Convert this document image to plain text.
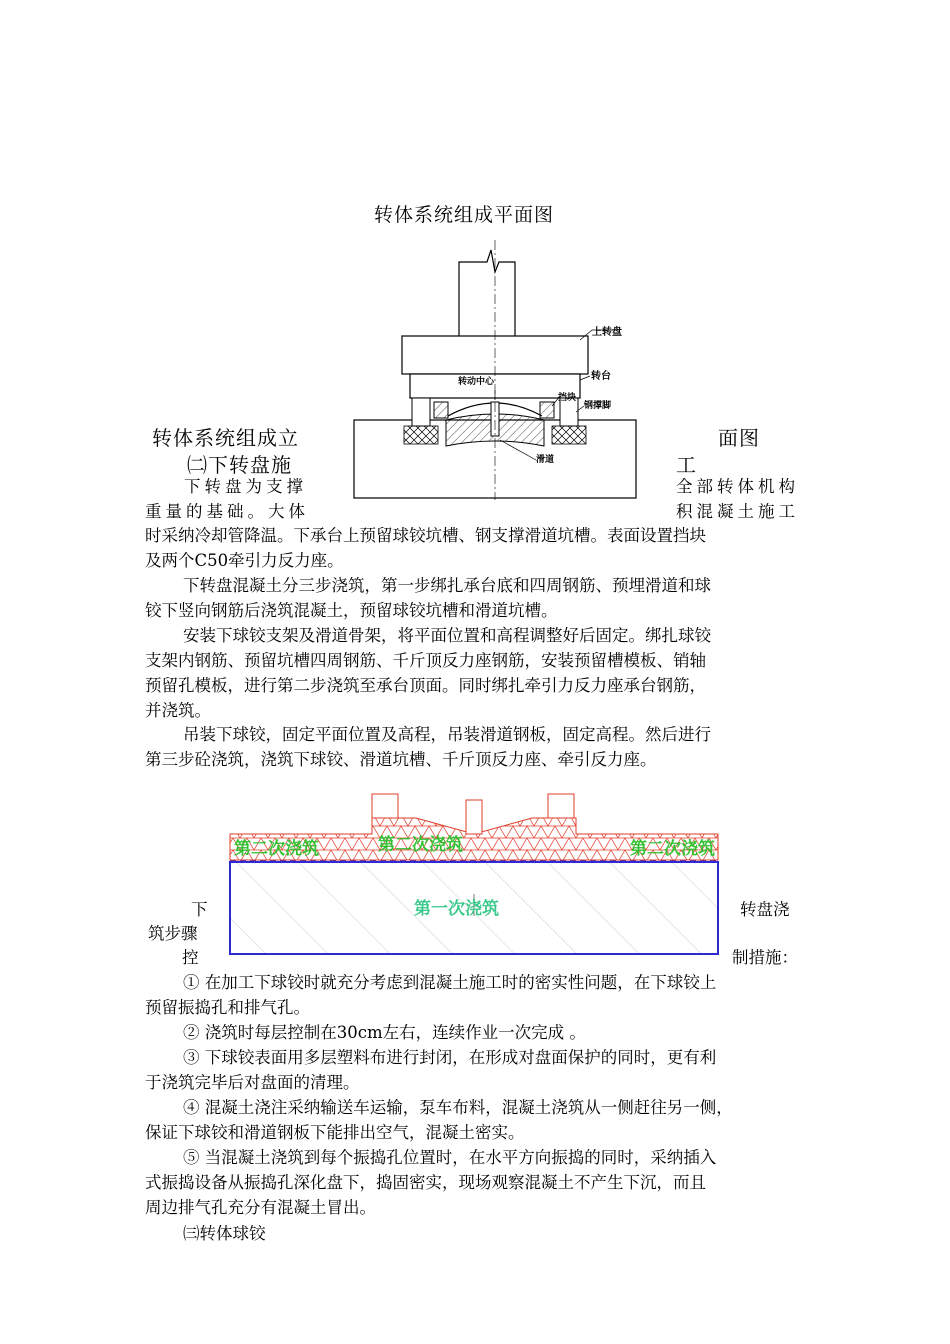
转体系统组成平面图
上转盘
转台
转动中心
挡块
钢撑脚
滑道
转体系统组成立	面图
㈡下转盘施	工
下转盘为支撑	全部转体机构
重量的基础。大体	积混凝土施工
时采纳冷却管降温。下承台上预留球铰坑槽、钢支撑滑道坑槽。表面设置挡块
及两个C50牵引力反力座。
下转盘混凝土分三步浇筑，第一步绑扎承台底和四周钢筋、预埋滑道和球
铰下竖向钢筋后浇筑混凝土，预留球铰坑槽和滑道坑槽。
安装下球铰支架及滑道骨架，将平面位置和高程调整好后固定。绑扎球铰
支架内钢筋、预留坑槽四周钢筋、千斤顶反力座钢筋，安装预留槽模板、销轴
预留孔模板，进行第二步浇筑至承台顶面。同时绑扎牵引力反力座承台钢筋，
并浇筑。
吊装下球铰，固定平面位置及高程，吊装滑道钢板，固定高程。然后进行
第三步砼浇筑，浇筑下球铰、滑道坑槽、千斤顶反力座、牵引反力座。
第二次浇筑	第二次浇筑	第二次浇筑
第一次浇筑
下	转盘浇
筑步骤
控	制措施：
① 在加工下球铰时就充分考虑到混凝土施工时的密实性问题，在下球铰上
预留振捣孔和排气孔。
② 浇筑时每层控制在30cm左右，连续作业一次完成 。
③ 下球铰表面用多层塑料布进行封闭，在形成对盘面保护的同时，更有利
于浇筑完毕后对盘面的清理。
④ 混凝土浇注采纳输送车运输，泵车布料，混凝土浇筑从一侧赶往另一侧，
保证下球铰和滑道钢板下能排出空气，混凝土密实。
⑤ 当混凝土浇筑到每个振捣孔位置时，在水平方向振捣的同时，采纳插入
式振捣设备从振捣孔深化盘下，捣固密实，现场观察混凝土不产生下沉，而且
周边排气孔充分有混凝土冒出。
㈢转体球铰
